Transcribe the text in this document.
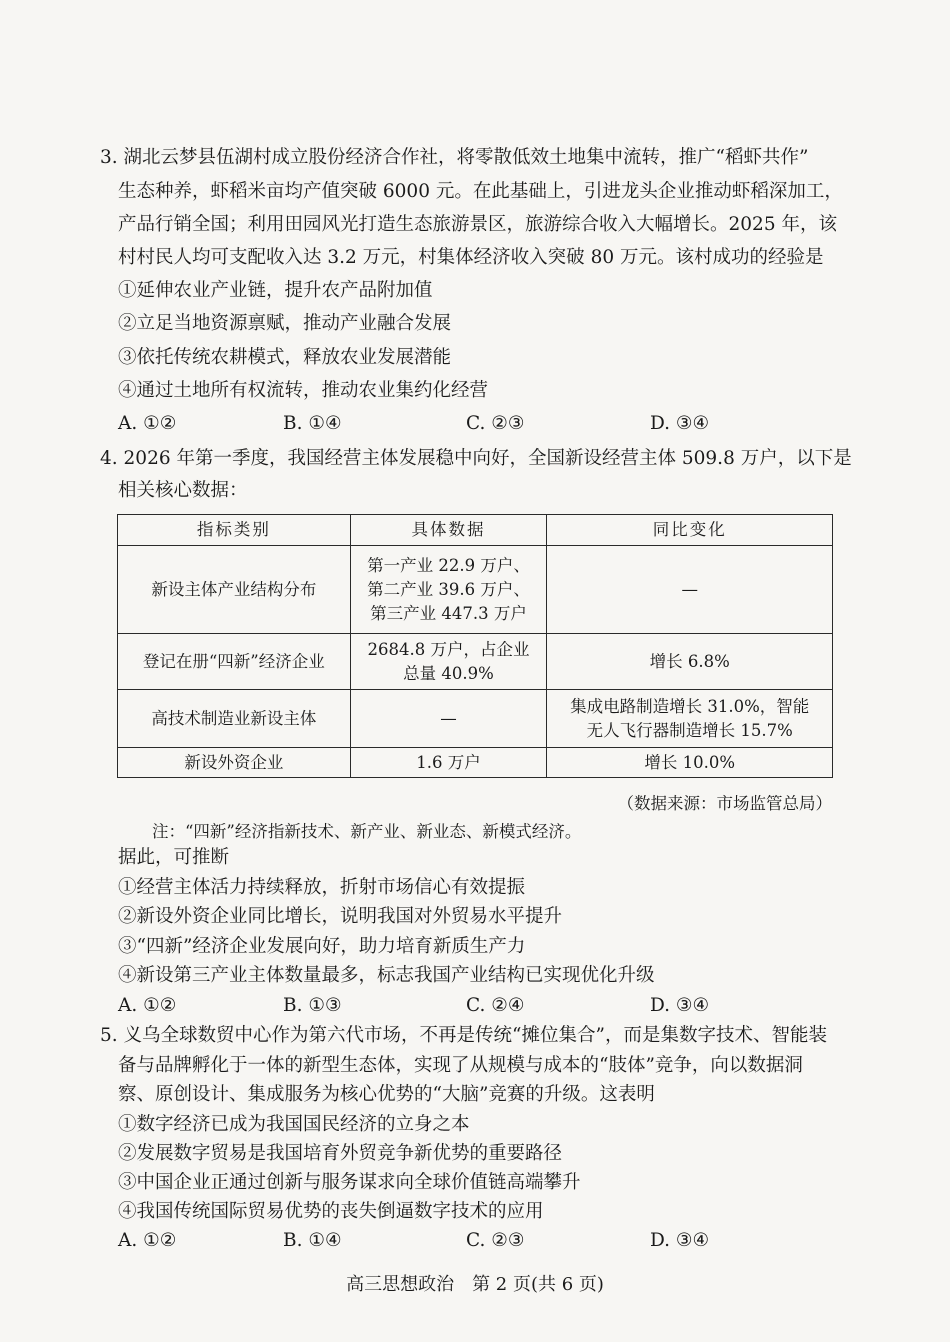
3. 湖北云梦县伍湖村成立股份经济合作社，将零散低效土地集中流转，推广“稻虾共作”
生态种养，虾稻米亩均产值突破 6000 元。在此基础上，引进龙头企业推动虾稻深加工，
产品行销全国；利用田园风光打造生态旅游景区，旅游综合收入大幅增长。2025 年，该
村村民人均可支配收入达 3.2 万元，村集体经济收入突破 80 万元。该村成功的经验是
①延伸农业产业链，提升农产品附加值
②立足当地资源禀赋，推动产业融合发展
③依托传统农耕模式，释放农业发展潜能
④通过土地所有权流转，推动农业集约化经营
A. ①②	B. ①④	C. ②③	D. ③④
4. 2026 年第一季度，我国经营主体发展稳中向好，全国新设经营主体 509.8 万户，以下是
相关核心数据：
指标类别	具体数据	同比变化
新设主体产业结构分布	第一产业 22.9 万户、
第二产业 39.6 万户、
第三产业 447.3 万户	—
登记在册“四新”经济企业	2684.8 万户，占企业
总量 40.9%	增长 6.8%
高技术制造业新设主体	—	集成电路制造增长 31.0%，智能
无人飞行器制造增长 15.7%

新设外资企业	1.6 万户	增长 10.0%
（数据来源：市场监管总局）
注：“四新”经济指新技术、新产业、新业态、新模式经济。
据此，可推断
①经营主体活力持续释放，折射市场信心有效提振
②新设外资企业同比增长，说明我国对外贸易水平提升
③“四新”经济企业发展向好，助力培育新质生产力
④新设第三产业主体数量最多，标志我国产业结构已实现优化升级
A. ①②	B. ①③	C. ②④	D. ③④
5. 义乌全球数贸中心作为第六代市场，不再是传统“摊位集合”，而是集数字技术、智能装
备与品牌孵化于一体的新型生态体，实现了从规模与成本的“肢体”竞争，向以数据洞
察、原创设计、集成服务为核心优势的“大脑”竞赛的升级。这表明
①数字经济已成为我国国民经济的立身之本
②发展数字贸易是我国培育外贸竞争新优势的重要路径
③中国企业正通过创新与服务谋求向全球价值链高端攀升
④我国传统国际贸易优势的丧失倒逼数字技术的应用
A. ①②	B. ①④	C. ②③	D. ③④
高三思想政治　第 2 页(共 6 页)
